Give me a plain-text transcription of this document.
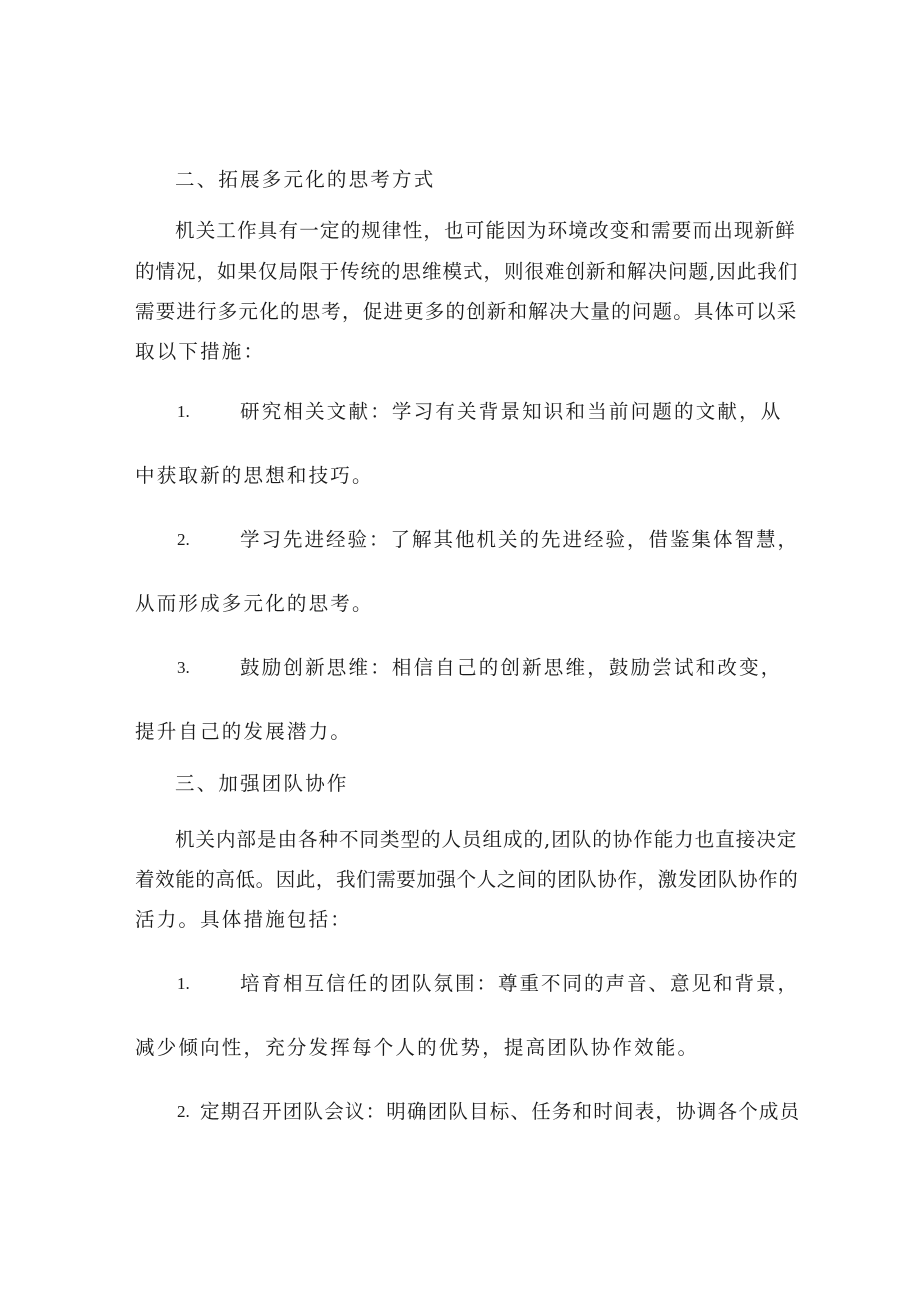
二、拓展多元化的思考方式
机关工作具有一定的规律性，也可能因为环境改变和需要而出现新鲜
的情况，如果仅局限于传统的思维模式，则很难创新和解决问题,因此我们
需要进行多元化的思考，促进更多的创新和解决大量的问题。具体可以采
取以下措施：
1.	研究相关文献：学习有关背景知识和当前问题的文献，从
中获取新的思想和技巧。
2.	学习先进经验：了解其他机关的先进经验，借鉴集体智慧，
从而形成多元化的思考。
3.	鼓励创新思维：相信自己的创新思维，鼓励尝试和改变，
提升自己的发展潜力。
三、加强团队协作
机关内部是由各种不同类型的人员组成的,团队的协作能力也直接决定
着效能的高低。因此，我们需要加强个人之间的团队协作，激发团队协作的
活力。具体措施包括：
1.	培育相互信任的团队氛围：尊重不同的声音、意见和背景，
减少倾向性，充分发挥每个人的优势，提高团队协作效能。
2. 定期召开团队会议：明确团队目标、任务和时间表，协调各个成员
